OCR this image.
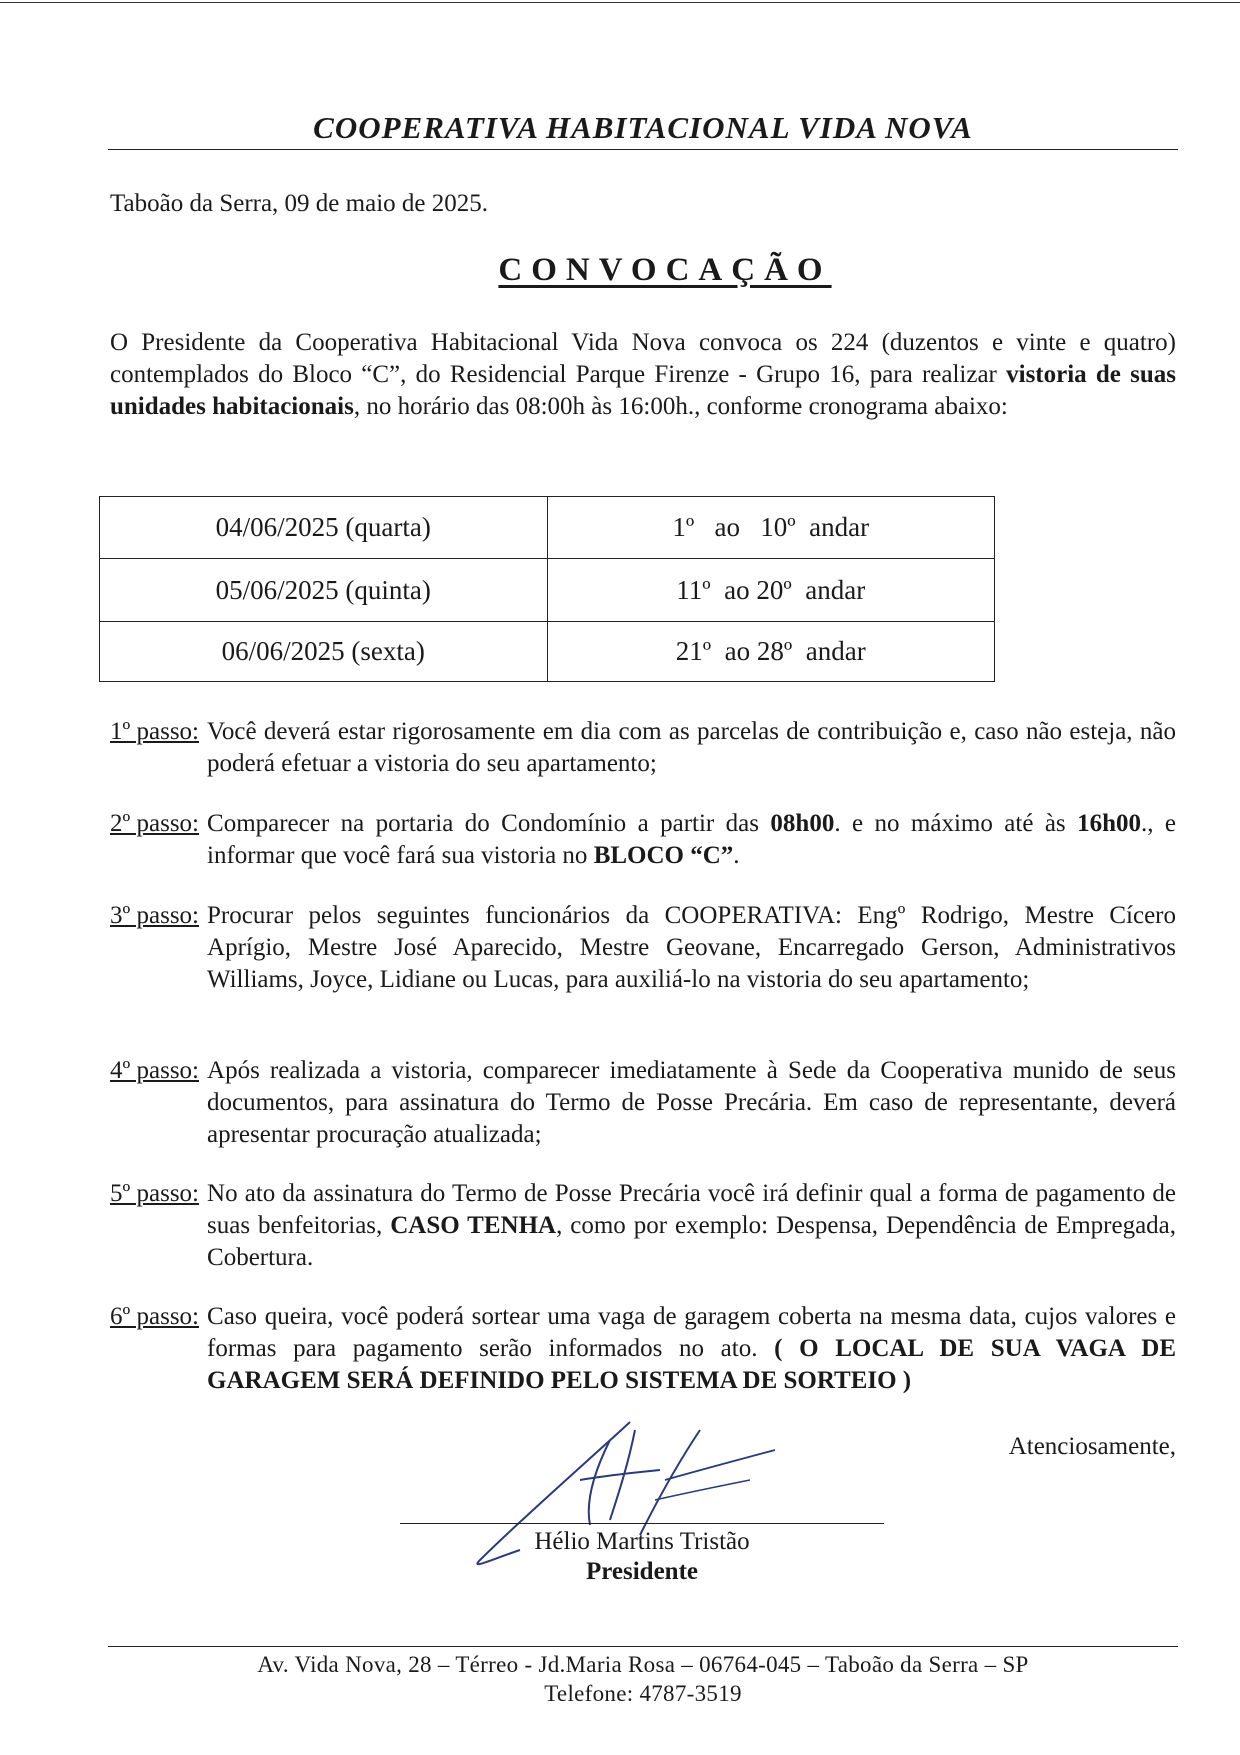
COOPERATIVA HABITACIONAL VIDA NOVA
Taboão da Serra, 09 de maio de 2025.
CONVOCAÇÃO
O Presidente da Cooperativa Habitacional Vida Nova convoca os 224 (duzentos e vinte e quatro) contemplados do Bloco “C”, do Residencial Parque Firenze - Grupo 16, para realizar vistoria de suas unidades habitacionais, no horário das 08:00h às 16:00h., conforme cronograma abaixo:
04/06/2025 (quarta)	1º   ao   10º  andar
05/06/2025 (quinta)	11º  ao 20º  andar
06/06/2025 (sexta)	21º  ao 28º  andar
1º passo: Você deverá estar rigorosamente em dia com as parcelas de contribuição e, caso não esteja, não poderá efetuar a vistoria do seu apartamento;
2º passo: Comparecer na portaria do Condomínio a partir das 08h00. e no máximo até às 16h00., e informar que você fará sua vistoria no BLOCO “C”.
3º passo: Procurar pelos seguintes funcionários da COOPERATIVA: Engº Rodrigo, Mestre Cícero Aprígio, Mestre José Aparecido, Mestre Geovane, Encarregado Gerson, Administrativos Williams, Joyce, Lidiane ou Lucas, para auxiliá-lo na vistoria do seu apartamento;
4º passo: Após realizada a vistoria, comparecer imediatamente à Sede da Cooperativa munido de seus documentos, para assinatura do Termo de Posse Precária. Em caso de representante, deverá apresentar procuração atualizada;
5º passo: No ato da assinatura do Termo de Posse Precária você irá definir qual a forma de pagamento de suas benfeitorias, CASO TENHA, como por exemplo: Despensa, Dependência de Empregada, Cobertura.
6º passo: Caso queira, você poderá sortear uma vaga de garagem coberta na mesma data, cujos valores e formas para pagamento serão informados no ato. ( O LOCAL DE SUA VAGA DE GARAGEM SERÁ DEFINIDO PELO SISTEMA DE SORTEIO )
Atenciosamente,
Hélio Martins Tristão
Presidente
Av. Vida Nova, 28 – Térreo - Jd.Maria Rosa – 06764-045 – Taboão da Serra – SP
Telefone: 4787-3519
